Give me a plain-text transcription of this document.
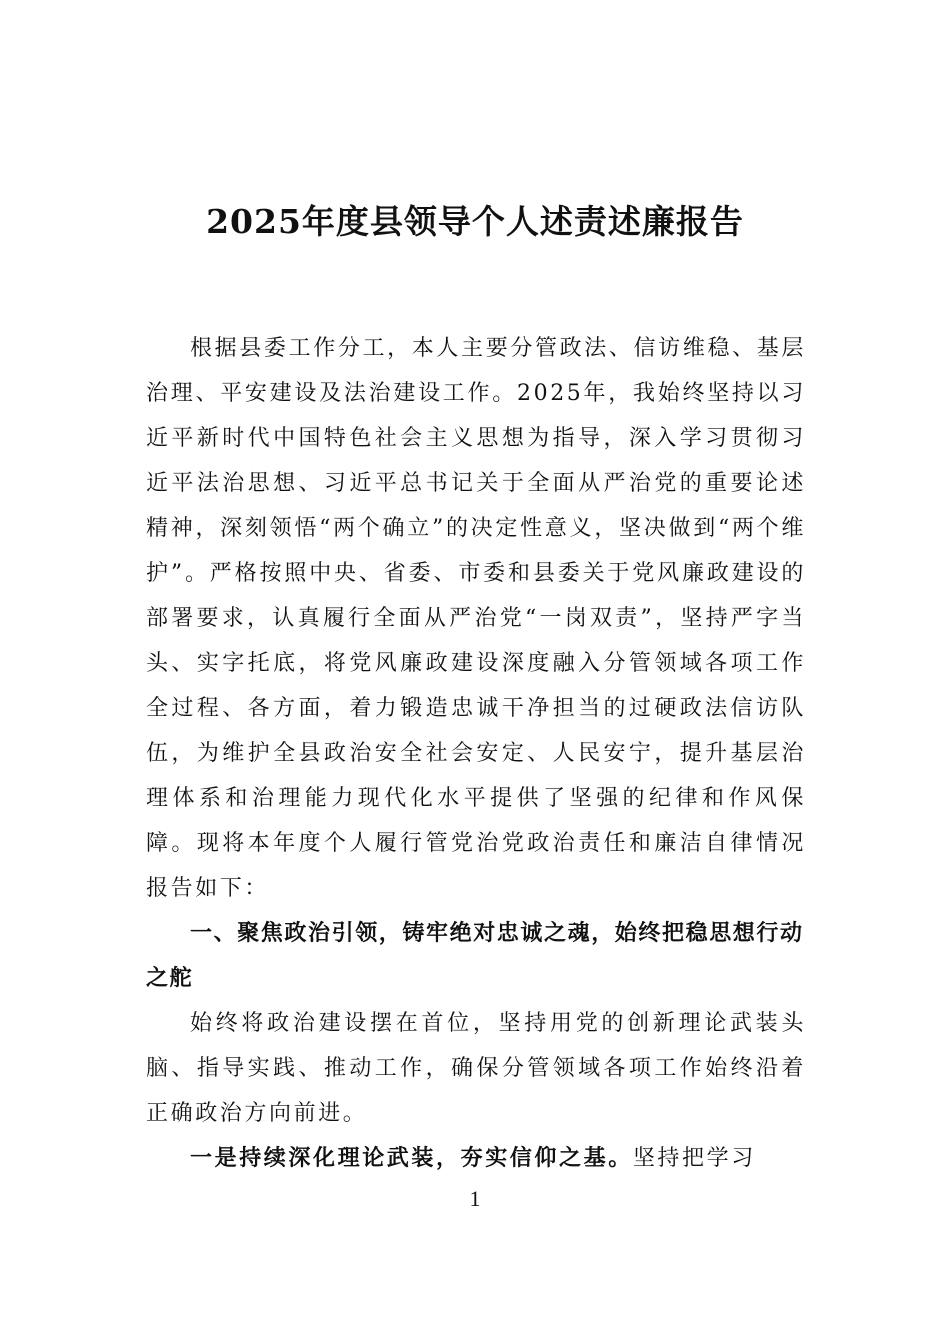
2025年度县领导个人述责述廉报告

根据县委工作分工，本人主要分管政法、信访维稳、基层治理、平安建设及法治建设工作。2025年，我始终坚持以习近平新时代中国特色社会主义思想为指导，深入学习贯彻习近平法治思想、习近平总书记关于全面从严治党的重要论述精神，深刻领悟“两个确立”的决定性意义，坚决做到“两个维护”。严格按照中央、省委、市委和县委关于党风廉政建设的部署要求，认真履行全面从严治党“一岗双责”，坚持严字当头、实字托底，将党风廉政建设深度融入分管领域各项工作全过程、各方面，着力锻造忠诚干净担当的过硬政法信访队伍，为维护全县政治安全社会安定、人民安宁，提升基层治理体系和治理能力现代化水平提供了坚强的纪律和作风保障。现将本年度个人履行管党治党政治责任和廉洁自律情况报告如下：

一、聚焦政治引领，铸牢绝对忠诚之魂，始终把稳思想行动之舵

始终将政治建设摆在首位，坚持用党的创新理论武装头脑、指导实践、推动工作，确保分管领域各项工作始终沿着正确政治方向前进。

一是持续深化理论武装，夯实信仰之基。坚持把学习

1
